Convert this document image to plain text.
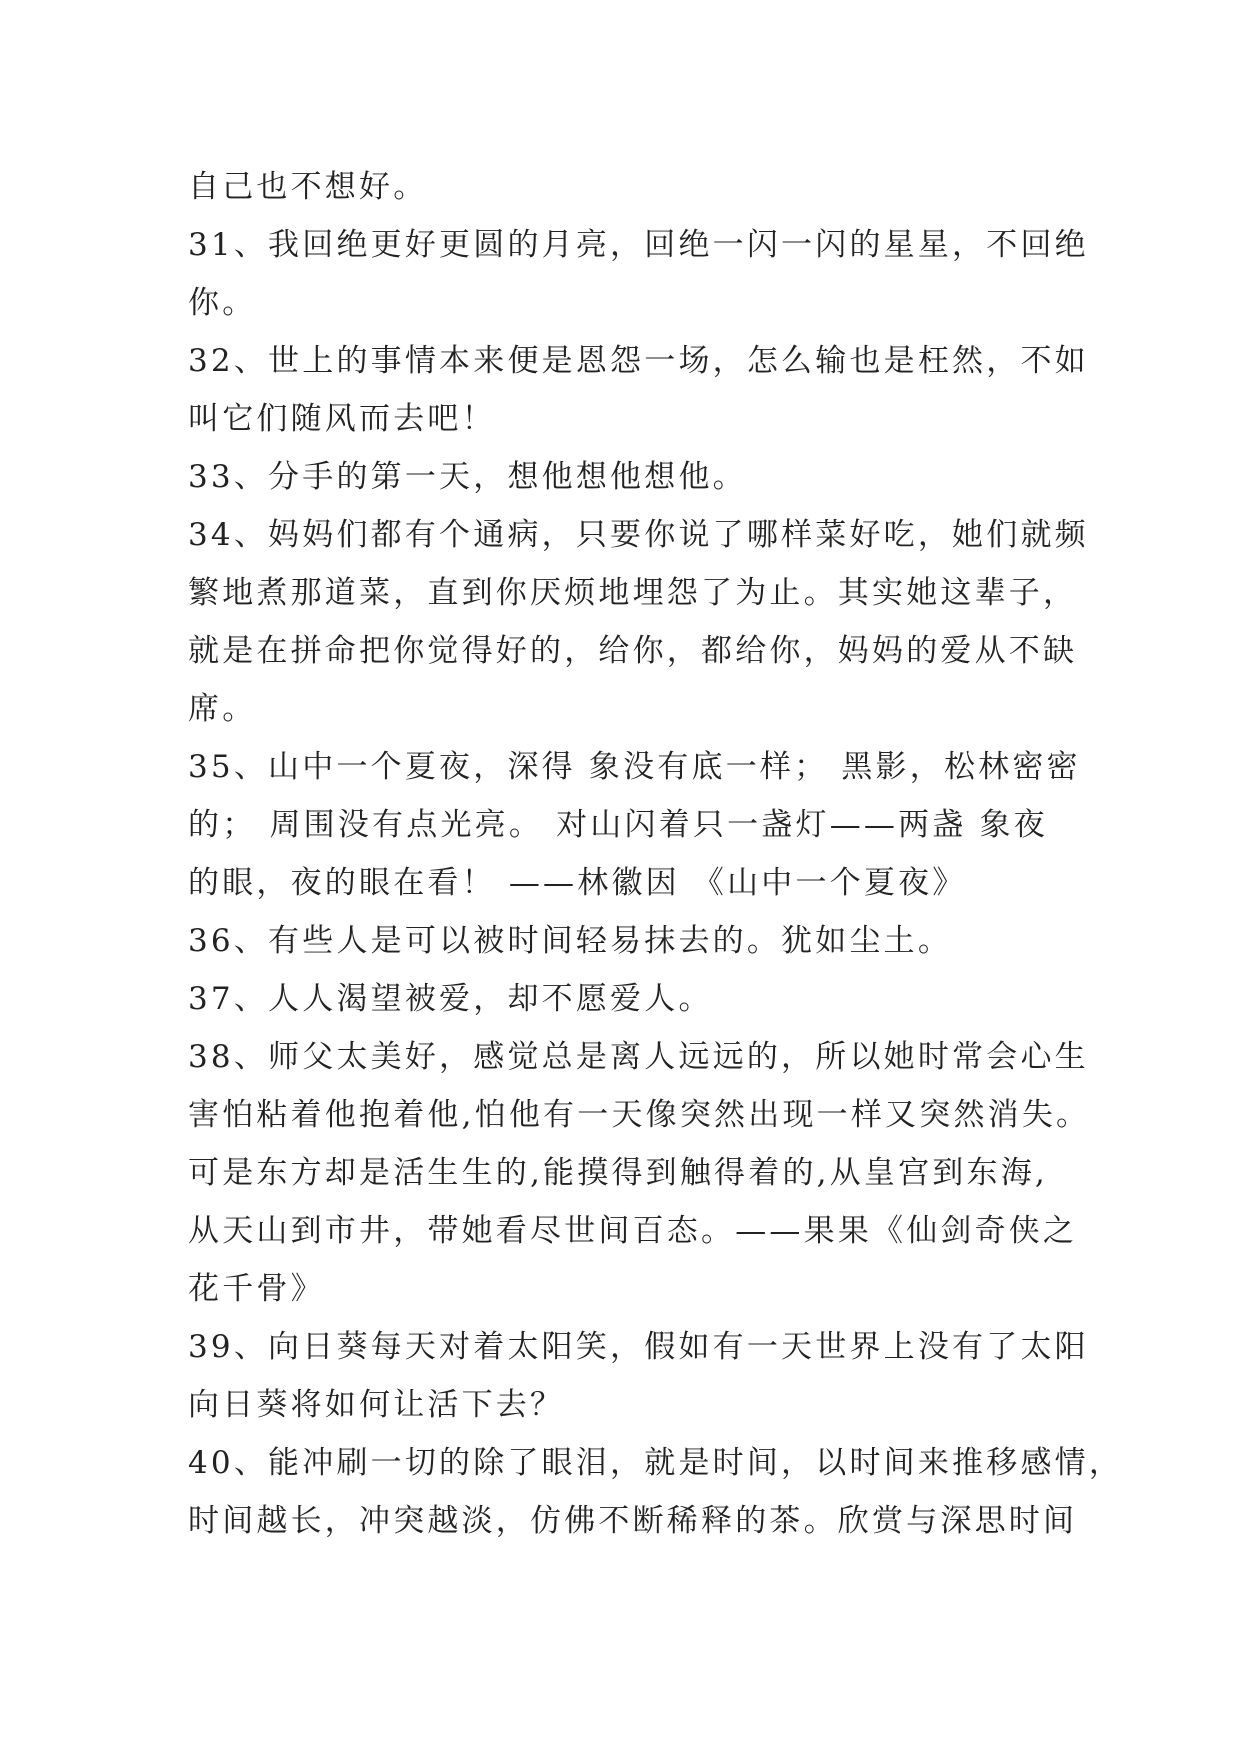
自己也不想好。
31、我回绝更好更圆的月亮，回绝一闪一闪的星星，不回绝
你。
32、世上的事情本来便是恩怨一场，怎么输也是枉然，不如
叫它们随风而去吧！
33、分手的第一天，想他想他想他。
34、妈妈们都有个通病，只要你说了哪样菜好吃，她们就频
繁地煮那道菜，直到你厌烦地埋怨了为止。其实她这辈子，
就是在拼命把你觉得好的，给你，都给你，妈妈的爱从不缺
席。
35、山中一个夏夜，深得 象没有底一样； 黑影，松林密密
的； 周围没有点光亮。 对山闪着只一盏灯——两盏 象夜
的眼，夜的眼在看！ ——林徽因 《山中一个夏夜》
36、有些人是可以被时间轻易抹去的。犹如尘土。
37、人人渴望被爱，却不愿爱人。
38、师父太美好，感觉总是离人远远的，所以她时常会心生
害怕粘着他抱着他,怕他有一天像突然出现一样又突然消失。
可是东方却是活生生的,能摸得到触得着的,从皇宫到东海,
从天山到市井，带她看尽世间百态。——果果《仙剑奇侠之
花千骨》
39、向日葵每天对着太阳笑，假如有一天世界上没有了太阳
向日葵将如何让活下去？
40、能冲刷一切的除了眼泪，就是时间，以时间来推移感情，
时间越长，冲突越淡，仿佛不断稀释的茶。欣赏与深思时间
